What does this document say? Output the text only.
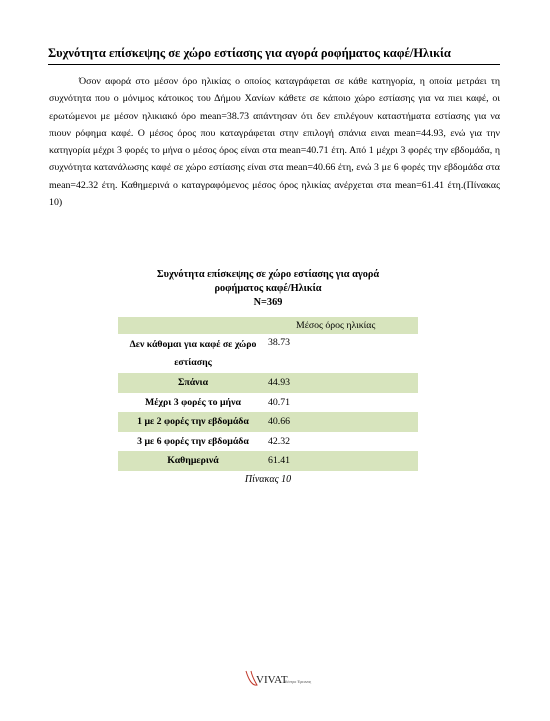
Συχνότητα επίσκεψης σε χώρο εστίασης για αγορά ροφήματος καφέ/Ηλικία
Όσον αφορά στο μέσον όρο ηλικίας ο οποίος καταγράφεται σε κάθε κατηγορία, η οποία μετράει τη συχνότητα που ο μόνιμος κάτοικος του Δήμου Χανίων κάθετε σε κάποιο χώρο εστίασης για να πιει καφέ, οι ερωτώμενοι με μέσον ηλικιακό όρο mean=38.73 απάντησαν ότι δεν επιλέγουν καταστήματα εστίασης για να πιουν ρόφημα καφέ. Ο μέσος όρος που καταγράφεται στην επιλογή σπάνια ειναι mean=44.93, ενώ για την κατηγορία μέχρι 3 φορές το μήνα ο μέσος όρος είναι στα mean=40.71 έτη. Από 1 μέχρι 3 φορές την εβδομάδα, η συχνότητα κατανάλωσης καφέ σε χώρο εστίασης είναι στα mean=40.66 έτη, ενώ 3 με 6 φορές την εβδομάδα στα mean=42.32 έτη. Καθημερινά ο καταγραφόμενος μέσος όρος ηλικίας ανέρχεται στα mean=61.41 έτη.(Πίνακας 10)
Συχνότητα επίσκεψης σε χώρο εστίασης για αγορά
ροφήματος καφέ/Ηλικία
N=369
	Μέσος όρος ηλικίας
Δεν κάθομαι για καφέ σε χώρο εστίασης	38.73
Σπάνια	44.93
Μέχρι 3 φορές το μήνα	40.71
1 με 2 φορές την εβδομάδα	40.66
3 με 6 φορές την εβδομάδα	42.32
Καθημερινά	61.41
Πίνακας 10
VIVAT
Kέντρο Έρευνας
